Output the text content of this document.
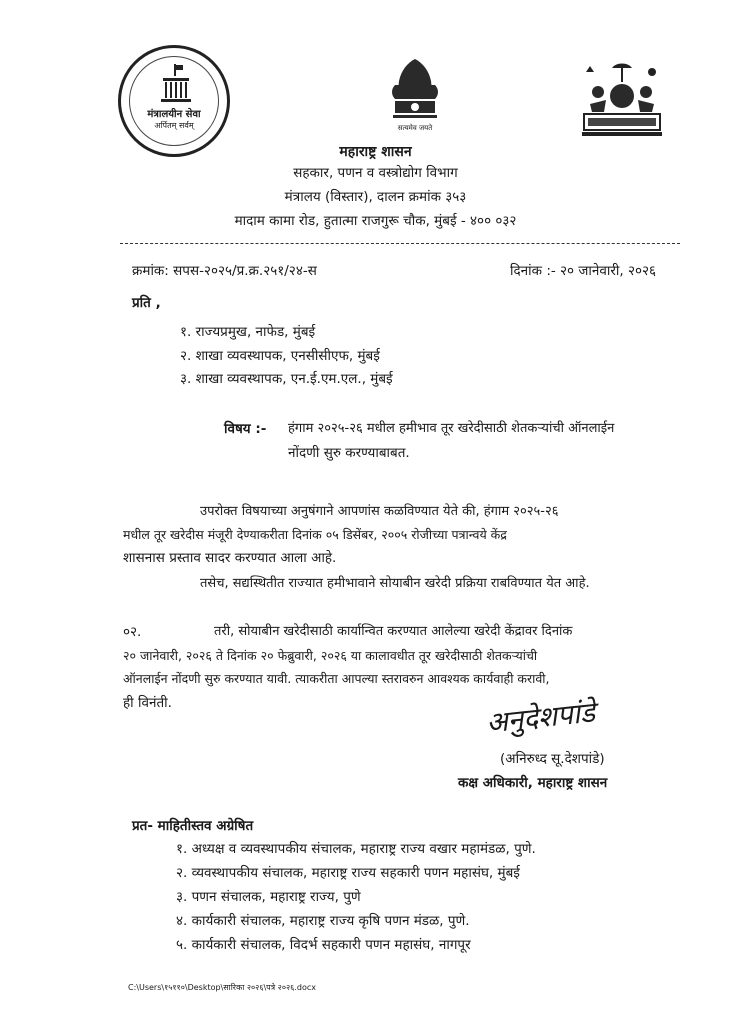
मंत्रालयीन सेवा
अर्पितम् सर्वम्	सत्यमेव जयते
महाराष्ट्र शासन
सहकार, पणन व वस्त्रोद्योग विभाग
मंत्रालय (विस्तार), दालन क्रमांक ३५३
मादाम कामा रोड, हुतात्मा राजगुरू चौक, मुंबई - ४०० ०३२
क्रमांक: सपस-२०२५/प्र.क्र.२५१/२४-स	दिनांक :- २० जानेवारी, २०२६
प्रति ,
१. राज्यप्रमुख, नाफेड, मुंबई
२. शाखा व्यवस्थापक, एनसीसीएफ, मुंबई
३. शाखा व्यवस्थापक, एन.ई.एम.एल., मुंबई
विषय :- हंगाम २०२५-२६ मधील हमीभाव तूर खरेदीसाठी शेतकऱ्यांची ऑनलाईन
नोंदणी सुरु करण्याबाबत.
उपरोक्त विषयाच्या अनुषंगाने आपणांस कळविण्यात येते की, हंगाम २०२५-२६
मधील तूर खरेदीस मंजूरी देण्याकरीता दिनांक ०५ डिसेंबर, २००५ रोजीच्या पत्रान्वये केंद्र
शासनास प्रस्ताव सादर करण्यात आला आहे.
तसेच, सद्यस्थितीत राज्यात हमीभावाने सोयाबीन खरेदी प्रक्रिया राबविण्यात येत आहे.
०२.	तरी, सोयाबीन खरेदीसाठी कार्यान्वित करण्यात आलेल्या खरेदी केंद्रावर दिनांक
२० जानेवारी, २०२६ ते दिनांक २० फेब्रुवारी, २०२६ या कालावधीत तूर खरेदीसाठी शेतकऱ्यांची
ऑनलाईन नोंदणी सुरु करण्यात यावी. त्याकरीता आपल्या स्तरावरुन आवश्यक कार्यवाही करावी,
ही विनंती.	अनुदेशपांडे
(अनिरुध्द सू.देशपांडे)
कक्ष अधिकारी, महाराष्ट्र शासन
प्रत- माहितीस्तव अग्रेषित
१. अध्यक्ष व व्यवस्थापकीय संचालक, महाराष्ट्र राज्य वखार महामंडळ, पुणे.
२. व्यवस्थापकीय संचालक, महाराष्ट्र राज्य सहकारी पणन महासंघ, मुंबई
३. पणन संचालक, महाराष्ट्र राज्य, पुणे
४. कार्यकारी संचालक, महाराष्ट्र राज्य कृषि पणन मंडळ, पुणे.
५. कार्यकारी संचालक, विदर्भ सहकारी पणन महासंघ, नागपूर
C:\Users\१५११०\Desktop\सारिका २०२६\पत्रे २०२६.docx
